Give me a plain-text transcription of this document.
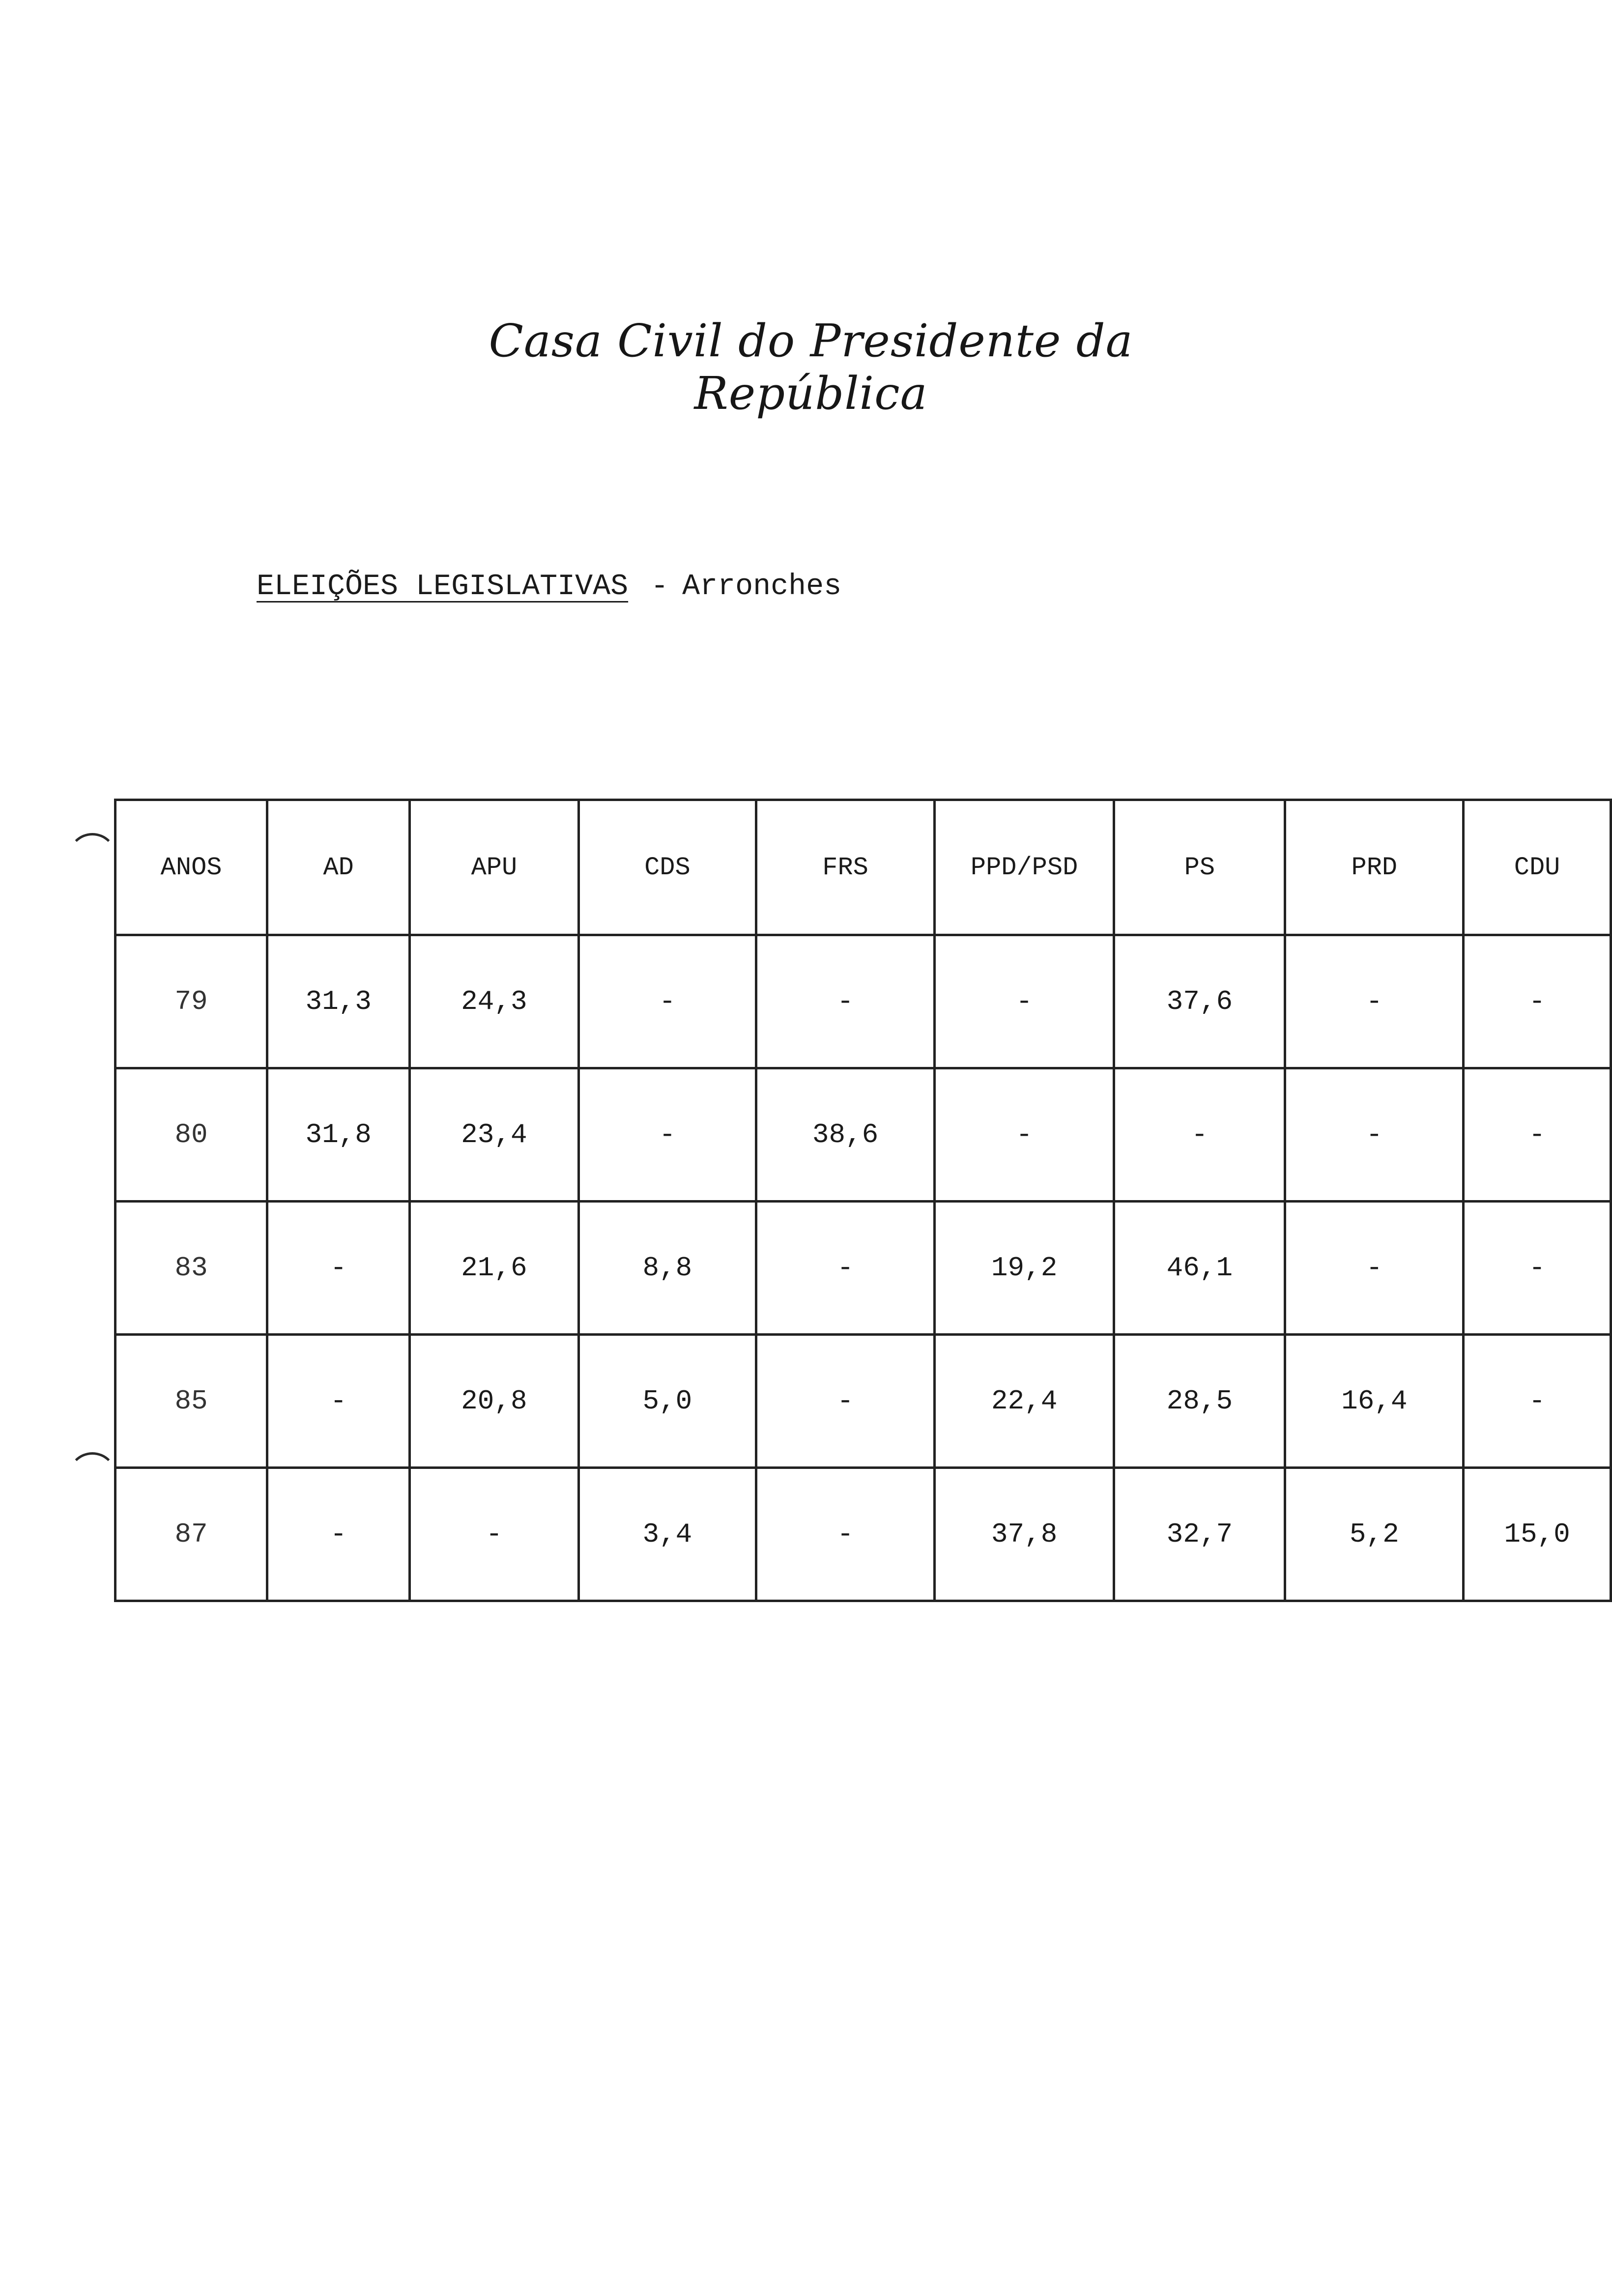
Casa Civil do Presidente da República
ELEIÇÕES LEGISLATIVAS - Arronches
ANOS	AD	APU	CDS	FRS	PPD/PSD	PS	PRD	CDU
79	31,3	24,3	-	-	-	37,6	-	-
80	31,8	23,4	-	38,6	-	-	-	-
83	-	21,6	8,8	-	19,2	46,1	-	-
85	-	20,8	5,0	-	22,4	28,5	16,4	-
87	-	-	3,4	-	37,8	32,7	5,2	15,0
